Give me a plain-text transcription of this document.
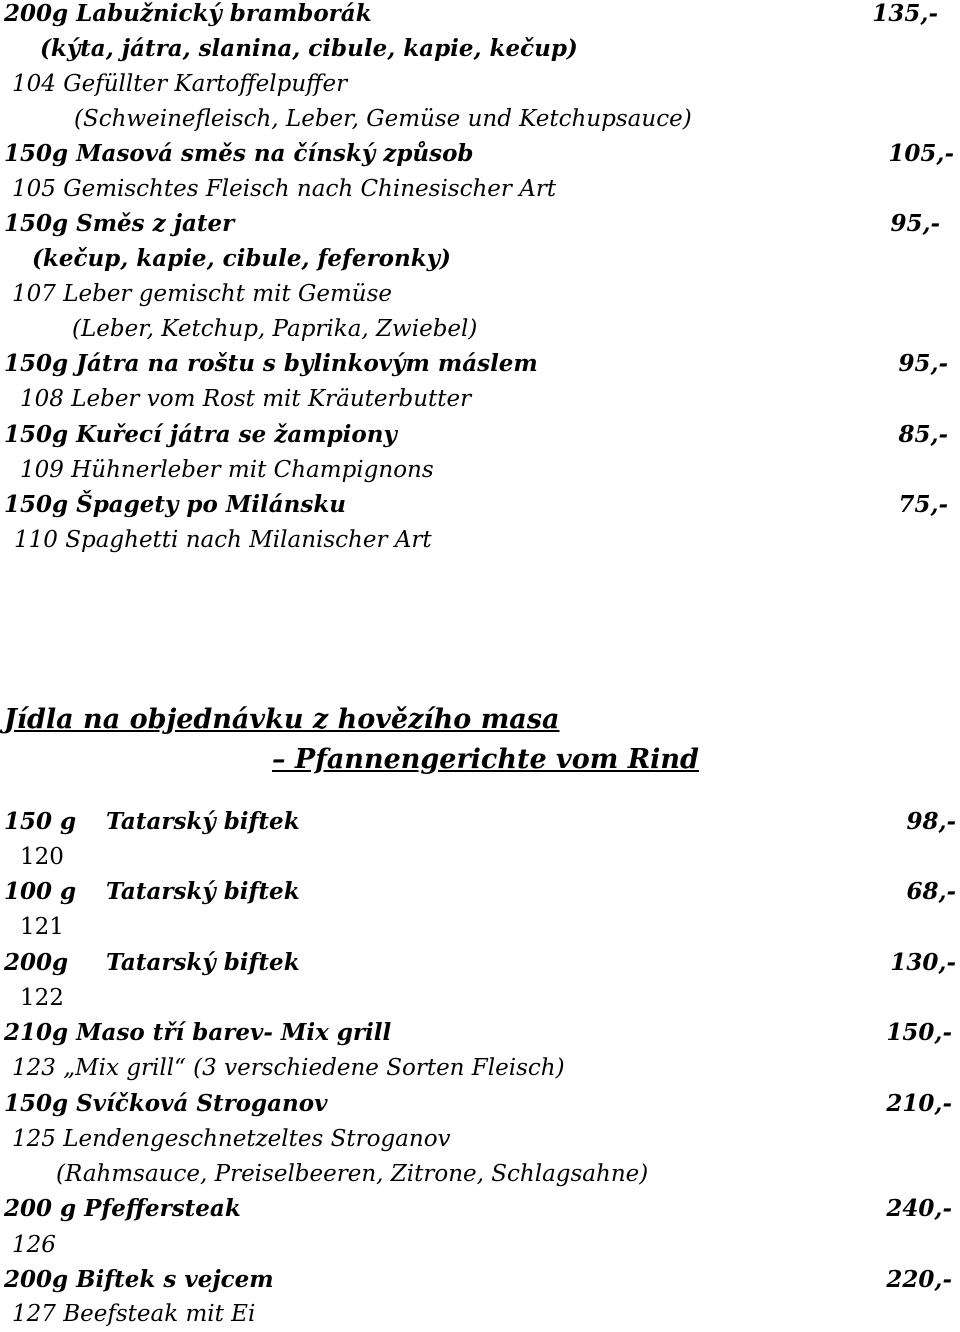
200g Labužnický bramborák	135,-
(kýta, játra, slanina, cibule, kapie, kečup)
104 Gefüllter Kartoffelpuffer
(Schweinefleisch, Leber, Gemüse und Ketchupsauce)
150g Masová směs na čínský způsob	105,-
105 Gemischtes Fleisch nach Chinesischer Art
150g Směs z jater	95,-
(kečup, kapie, cibule, feferonky)
107 Leber gemischt mit Gemüse
(Leber, Ketchup, Paprika, Zwiebel)
150g Játra na roštu s bylinkovým máslem	95,-
108 Leber vom Rost mit Kräuterbutter
150g Kuřecí játra se žampiony	85,-
109 Hühnerleber mit Champignons
150g Špagety po Milánsku	75,-
110 Spaghetti nach Milanischer Art
Jídla na objednávku z hovězího masa
– Pfannengerichte vom Rind
150 g Tatarský biftek	98,-
120
100 g Tatarský biftek	68,-
121
200g Tatarský biftek	130,-
122
210g Maso tří barev- Mix grill	150,-
123 „Mix grill“ (3 verschiedene Sorten Fleisch)
150g Svíčková Stroganov	210,-
125 Lendengeschnetzeltes Stroganov
(Rahmsauce, Preiselbeeren, Zitrone, Schlagsahne)
200 g Pfeffersteak	240,-
126
200g Biftek s vejcem	220,-
127 Beefsteak mit Ei
